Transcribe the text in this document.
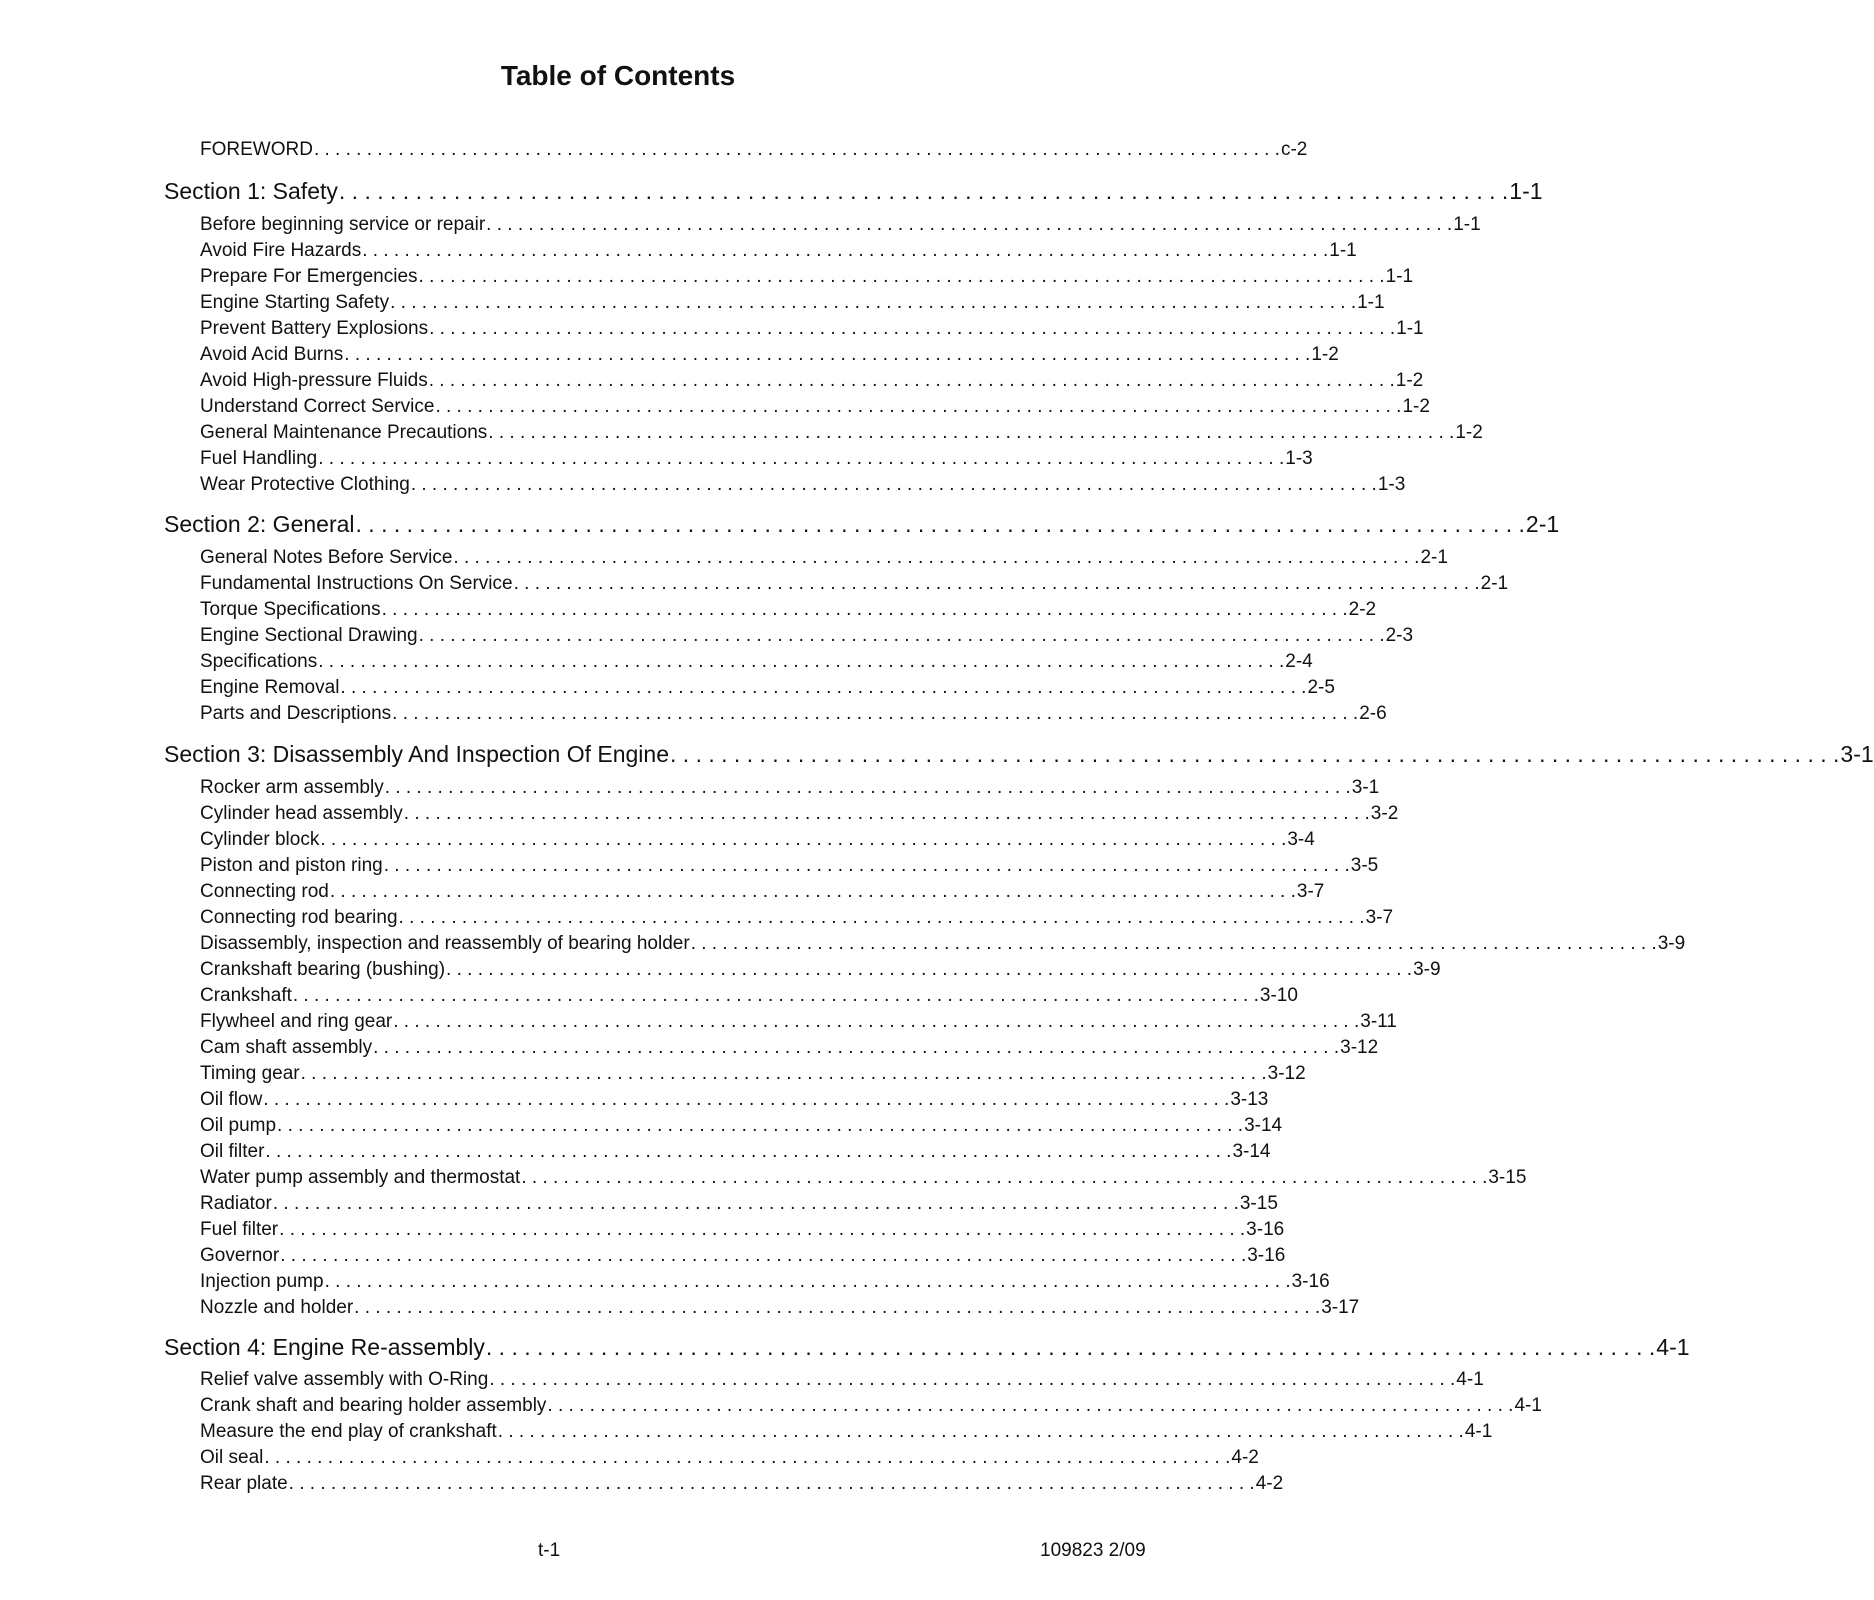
Table of Contents
FOREWORD . . . . . . . . . . . . . . . . . . . . . . . . . . . . . . . . . . . . . . . . . . . . . . . . . . . . . . . . . . . . . . . . . . . . . . . . . . . . . . . . . . . . . . . . . . . . c-2
Section 1: Safety . . . . . . . . . . . . . . . . . . . . . . . . . . . . . . . . . . . . . . . . . . . . . . . . . . . . . . . . . . . . . . . . . . . . . . . . . . . . . . . . . . . . . . . . . . . . 1-1
Before beginning service or repair . . . . . . . . . . . . . . . . . . . . . . . . . . . . . . . . . . . . . . . . . . . . . . . . . . . . . . . . . . . . . . . . . . . . . . . . . . . . . . . . . . . . . . . . . . . . 1-1
Avoid Fire Hazards . . . . . . . . . . . . . . . . . . . . . . . . . . . . . . . . . . . . . . . . . . . . . . . . . . . . . . . . . . . . . . . . . . . . . . . . . . . . . . . . . . . . . . . . . . . . 1-1
Prepare For Emergencies . . . . . . . . . . . . . . . . . . . . . . . . . . . . . . . . . . . . . . . . . . . . . . . . . . . . . . . . . . . . . . . . . . . . . . . . . . . . . . . . . . . . . . . . . . . . 1-1
Engine Starting Safety . . . . . . . . . . . . . . . . . . . . . . . . . . . . . . . . . . . . . . . . . . . . . . . . . . . . . . . . . . . . . . . . . . . . . . . . . . . . . . . . . . . . . . . . . . . . 1-1
Prevent Battery Explosions . . . . . . . . . . . . . . . . . . . . . . . . . . . . . . . . . . . . . . . . . . . . . . . . . . . . . . . . . . . . . . . . . . . . . . . . . . . . . . . . . . . . . . . . . . . . 1-1
Avoid Acid Burns . . . . . . . . . . . . . . . . . . . . . . . . . . . . . . . . . . . . . . . . . . . . . . . . . . . . . . . . . . . . . . . . . . . . . . . . . . . . . . . . . . . . . . . . . . . . 1-2
Avoid High-pressure Fluids . . . . . . . . . . . . . . . . . . . . . . . . . . . . . . . . . . . . . . . . . . . . . . . . . . . . . . . . . . . . . . . . . . . . . . . . . . . . . . . . . . . . . . . . . . . . 1-2
Understand Correct Service . . . . . . . . . . . . . . . . . . . . . . . . . . . . . . . . . . . . . . . . . . . . . . . . . . . . . . . . . . . . . . . . . . . . . . . . . . . . . . . . . . . . . . . . . . . . 1-2
General Maintenance Precautions . . . . . . . . . . . . . . . . . . . . . . . . . . . . . . . . . . . . . . . . . . . . . . . . . . . . . . . . . . . . . . . . . . . . . . . . . . . . . . . . . . . . . . . . . . . . 1-2
Fuel Handling . . . . . . . . . . . . . . . . . . . . . . . . . . . . . . . . . . . . . . . . . . . . . . . . . . . . . . . . . . . . . . . . . . . . . . . . . . . . . . . . . . . . . . . . . . . . 1-3
Wear Protective Clothing . . . . . . . . . . . . . . . . . . . . . . . . . . . . . . . . . . . . . . . . . . . . . . . . . . . . . . . . . . . . . . . . . . . . . . . . . . . . . . . . . . . . . . . . . . . . 1-3
Section 2: General . . . . . . . . . . . . . . . . . . . . . . . . . . . . . . . . . . . . . . . . . . . . . . . . . . . . . . . . . . . . . . . . . . . . . . . . . . . . . . . . . . . . . . . . . . . . 2-1
General Notes Before Service . . . . . . . . . . . . . . . . . . . . . . . . . . . . . . . . . . . . . . . . . . . . . . . . . . . . . . . . . . . . . . . . . . . . . . . . . . . . . . . . . . . . . . . . . . . . 2-1
Fundamental Instructions On Service . . . . . . . . . . . . . . . . . . . . . . . . . . . . . . . . . . . . . . . . . . . . . . . . . . . . . . . . . . . . . . . . . . . . . . . . . . . . . . . . . . . . . . . . . . . . 2-1
Torque Specifications . . . . . . . . . . . . . . . . . . . . . . . . . . . . . . . . . . . . . . . . . . . . . . . . . . . . . . . . . . . . . . . . . . . . . . . . . . . . . . . . . . . . . . . . . . . . 2-2
Engine Sectional Drawing . . . . . . . . . . . . . . . . . . . . . . . . . . . . . . . . . . . . . . . . . . . . . . . . . . . . . . . . . . . . . . . . . . . . . . . . . . . . . . . . . . . . . . . . . . . . 2-3
Specifications . . . . . . . . . . . . . . . . . . . . . . . . . . . . . . . . . . . . . . . . . . . . . . . . . . . . . . . . . . . . . . . . . . . . . . . . . . . . . . . . . . . . . . . . . . . . 2-4
Engine Removal . . . . . . . . . . . . . . . . . . . . . . . . . . . . . . . . . . . . . . . . . . . . . . . . . . . . . . . . . . . . . . . . . . . . . . . . . . . . . . . . . . . . . . . . . . . . 2-5
Parts and Descriptions . . . . . . . . . . . . . . . . . . . . . . . . . . . . . . . . . . . . . . . . . . . . . . . . . . . . . . . . . . . . . . . . . . . . . . . . . . . . . . . . . . . . . . . . . . . . 2-6
Section 3: Disassembly And Inspection Of Engine . . . . . . . . . . . . . . . . . . . . . . . . . . . . . . . . . . . . . . . . . . . . . . . . . . . . . . . . . . . . . . . . . . . . . . . . . . . . . . . . . . . . . . . . . . . . 3-1
Rocker arm assembly . . . . . . . . . . . . . . . . . . . . . . . . . . . . . . . . . . . . . . . . . . . . . . . . . . . . . . . . . . . . . . . . . . . . . . . . . . . . . . . . . . . . . . . . . . . . 3-1
Cylinder head assembly . . . . . . . . . . . . . . . . . . . . . . . . . . . . . . . . . . . . . . . . . . . . . . . . . . . . . . . . . . . . . . . . . . . . . . . . . . . . . . . . . . . . . . . . . . . . 3-2
Cylinder block . . . . . . . . . . . . . . . . . . . . . . . . . . . . . . . . . . . . . . . . . . . . . . . . . . . . . . . . . . . . . . . . . . . . . . . . . . . . . . . . . . . . . . . . . . . . 3-4
Piston and piston ring . . . . . . . . . . . . . . . . . . . . . . . . . . . . . . . . . . . . . . . . . . . . . . . . . . . . . . . . . . . . . . . . . . . . . . . . . . . . . . . . . . . . . . . . . . . . 3-5
Connecting rod . . . . . . . . . . . . . . . . . . . . . . . . . . . . . . . . . . . . . . . . . . . . . . . . . . . . . . . . . . . . . . . . . . . . . . . . . . . . . . . . . . . . . . . . . . . . 3-7
Connecting rod bearing . . . . . . . . . . . . . . . . . . . . . . . . . . . . . . . . . . . . . . . . . . . . . . . . . . . . . . . . . . . . . . . . . . . . . . . . . . . . . . . . . . . . . . . . . . . . 3-7
Disassembly, inspection and reassembly of bearing holder . . . . . . . . . . . . . . . . . . . . . . . . . . . . . . . . . . . . . . . . . . . . . . . . . . . . . . . . . . . . . . . . . . . . . . . . . . . . . . . . . . . . . . . . . . . . 3-9
Crankshaft bearing (bushing) . . . . . . . . . . . . . . . . . . . . . . . . . . . . . . . . . . . . . . . . . . . . . . . . . . . . . . . . . . . . . . . . . . . . . . . . . . . . . . . . . . . . . . . . . . . . 3-9
Crankshaft . . . . . . . . . . . . . . . . . . . . . . . . . . . . . . . . . . . . . . . . . . . . . . . . . . . . . . . . . . . . . . . . . . . . . . . . . . . . . . . . . . . . . . . . . . . . 3-10
Flywheel and ring gear . . . . . . . . . . . . . . . . . . . . . . . . . . . . . . . . . . . . . . . . . . . . . . . . . . . . . . . . . . . . . . . . . . . . . . . . . . . . . . . . . . . . . . . . . . . . 3-11
Cam shaft assembly . . . . . . . . . . . . . . . . . . . . . . . . . . . . . . . . . . . . . . . . . . . . . . . . . . . . . . . . . . . . . . . . . . . . . . . . . . . . . . . . . . . . . . . . . . . . 3-12
Timing gear . . . . . . . . . . . . . . . . . . . . . . . . . . . . . . . . . . . . . . . . . . . . . . . . . . . . . . . . . . . . . . . . . . . . . . . . . . . . . . . . . . . . . . . . . . . . 3-12
Oil flow . . . . . . . . . . . . . . . . . . . . . . . . . . . . . . . . . . . . . . . . . . . . . . . . . . . . . . . . . . . . . . . . . . . . . . . . . . . . . . . . . . . . . . . . . . . . 3-13
Oil pump . . . . . . . . . . . . . . . . . . . . . . . . . . . . . . . . . . . . . . . . . . . . . . . . . . . . . . . . . . . . . . . . . . . . . . . . . . . . . . . . . . . . . . . . . . . . 3-14
Oil filter . . . . . . . . . . . . . . . . . . . . . . . . . . . . . . . . . . . . . . . . . . . . . . . . . . . . . . . . . . . . . . . . . . . . . . . . . . . . . . . . . . . . . . . . . . . . 3-14
Water pump assembly and thermostat . . . . . . . . . . . . . . . . . . . . . . . . . . . . . . . . . . . . . . . . . . . . . . . . . . . . . . . . . . . . . . . . . . . . . . . . . . . . . . . . . . . . . . . . . . . . 3-15
Radiator . . . . . . . . . . . . . . . . . . . . . . . . . . . . . . . . . . . . . . . . . . . . . . . . . . . . . . . . . . . . . . . . . . . . . . . . . . . . . . . . . . . . . . . . . . . . 3-15
Fuel filter . . . . . . . . . . . . . . . . . . . . . . . . . . . . . . . . . . . . . . . . . . . . . . . . . . . . . . . . . . . . . . . . . . . . . . . . . . . . . . . . . . . . . . . . . . . . 3-16
Governor . . . . . . . . . . . . . . . . . . . . . . . . . . . . . . . . . . . . . . . . . . . . . . . . . . . . . . . . . . . . . . . . . . . . . . . . . . . . . . . . . . . . . . . . . . . . 3-16
Injection pump . . . . . . . . . . . . . . . . . . . . . . . . . . . . . . . . . . . . . . . . . . . . . . . . . . . . . . . . . . . . . . . . . . . . . . . . . . . . . . . . . . . . . . . . . . . . 3-16
Nozzle and holder . . . . . . . . . . . . . . . . . . . . . . . . . . . . . . . . . . . . . . . . . . . . . . . . . . . . . . . . . . . . . . . . . . . . . . . . . . . . . . . . . . . . . . . . . . . . 3-17
Section 4: Engine Re-assembly . . . . . . . . . . . . . . . . . . . . . . . . . . . . . . . . . . . . . . . . . . . . . . . . . . . . . . . . . . . . . . . . . . . . . . . . . . . . . . . . . . . . . . . . . . . . 4-1
Relief valve assembly with O-Ring . . . . . . . . . . . . . . . . . . . . . . . . . . . . . . . . . . . . . . . . . . . . . . . . . . . . . . . . . . . . . . . . . . . . . . . . . . . . . . . . . . . . . . . . . . . . 4-1
Crank shaft and bearing holder assembly . . . . . . . . . . . . . . . . . . . . . . . . . . . . . . . . . . . . . . . . . . . . . . . . . . . . . . . . . . . . . . . . . . . . . . . . . . . . . . . . . . . . . . . . . . . . 4-1
Measure the end play of crankshaft . . . . . . . . . . . . . . . . . . . . . . . . . . . . . . . . . . . . . . . . . . . . . . . . . . . . . . . . . . . . . . . . . . . . . . . . . . . . . . . . . . . . . . . . . . . . 4-1
Oil seal . . . . . . . . . . . . . . . . . . . . . . . . . . . . . . . . . . . . . . . . . . . . . . . . . . . . . . . . . . . . . . . . . . . . . . . . . . . . . . . . . . . . . . . . . . . . 4-2
Rear plate . . . . . . . . . . . . . . . . . . . . . . . . . . . . . . . . . . . . . . . . . . . . . . . . . . . . . . . . . . . . . . . . . . . . . . . . . . . . . . . . . . . . . . . . . . . . 4-2
t-1	109823 2/09
